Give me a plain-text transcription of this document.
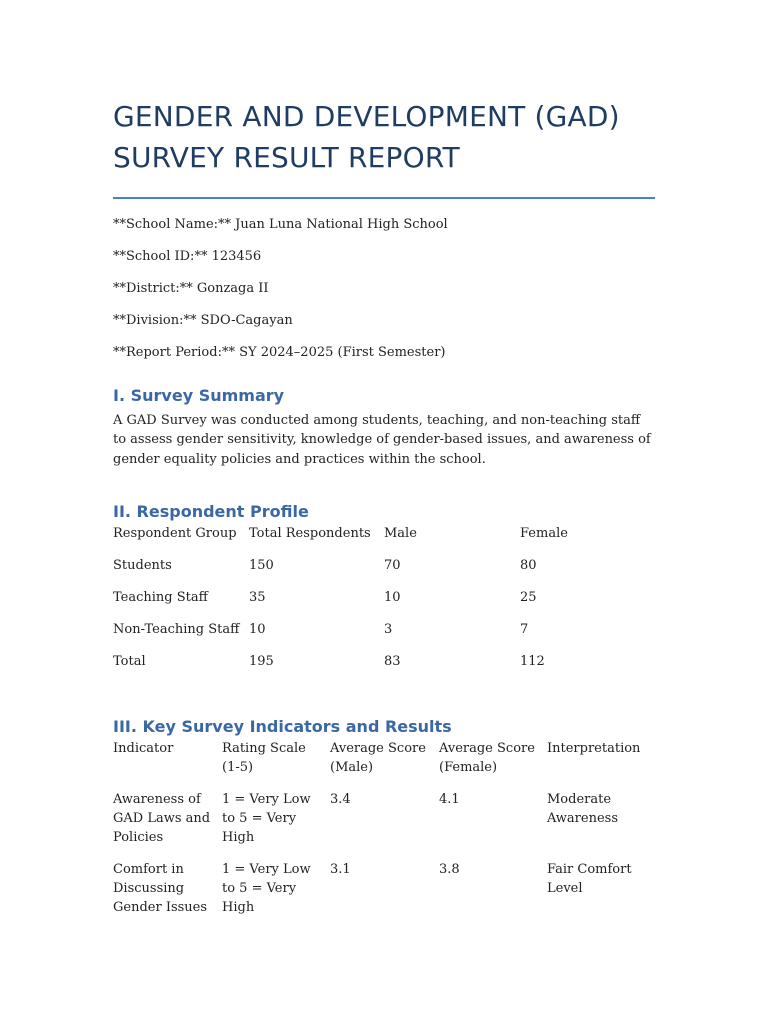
GENDER AND DEVELOPMENT (GAD)
SURVEY RESULT REPORT

**School Name:** Juan Luna National High School

**School ID:** 123456

**District:** Gonzaga II

**Division:** SDO-Cagayan

**Report Period:** SY 2024–2025 (First Semester)

I. Survey Summary

A GAD Survey was conducted among students, teaching, and non-teaching staff to assess gender sensitivity, knowledge of gender-based issues, and awareness of gender equality policies and practices within the school.

II. Respondent Profile
Respondent Group	Total Respondents	Male	Female
Students	150	70	80
Teaching Staff	35	10	25
Non-Teaching Staff	10	3	7
Total	195	83	112
III. Key Survey Indicators and Results
Indicator	Rating Scale (1-5)	Average Score (Male)	Average Score (Female)	Interpretation

Awareness of GAD Laws and Policies	1 = Very Low to 5 = Very High	3.4	4.1	Moderate Awareness

Comfort in Discussing Gender Issues	1 = Very Low to 5 = Very High	3.1	3.8	Fair Comfort Level
